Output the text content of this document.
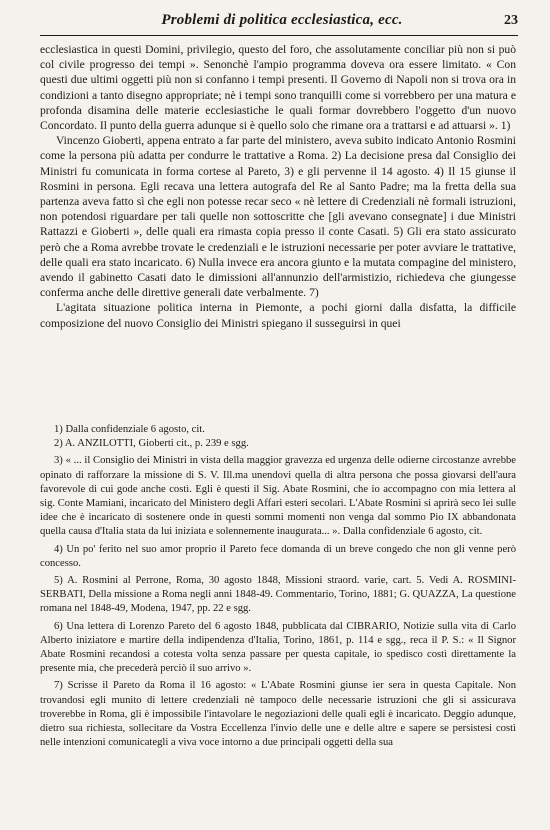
Problemi di politica ecclesiastica, ecc.	23

ecclesiastica in questi Domini, privilegio, questo del foro, che assolutamente conciliar più non si può col civile progresso dei tempi ». Senonchè l'ampio programma doveva ora essere limitato. « Con questi due ultimi oggetti più non si confanno i tempi presenti. Il Governo di Napoli non si trova ora in condizioni a tanto disegno appropriate; nè i tempi sono tranquilli come si vorrebbero per una matura e profonda disamina delle materie ecclesiastiche le quali formar dovrebbero l'oggetto d'un nuovo Concordato. Il punto della guerra adunque si è quello solo che rimane ora a trattarsi e ad attuarsi ». 1)

Vincenzo Gioberti, appena entrato a far parte del ministero, aveva subito indicato Antonio Rosmini come la persona più adatta per condurre le trattative a Roma. 2) La decisione presa dal Consiglio dei Ministri fu comunicata in forma cortese al Pareto, 3) e gli pervenne il 14 agosto. 4) Il 15 giunse il Rosmini in persona. Egli recava una lettera autografa del Re al Santo Padre; ma la fretta della sua partenza aveva fatto sì che egli non potesse recar seco « nè lettere di Credenziali nè formali istruzioni, non potendosi riguardare per tali quelle non sottoscritte che [gli avevano consegnate] i due Ministri Rattazzi e Gioberti », delle quali era rimasta copia presso il conte Casati. 5) Gli era stato assicurato però che a Roma avrebbe trovate le credenziali e le istruzioni necessarie per poter avviare le trattative, delle quali era stato incaricato. 6) Nulla invece era ancora giunto e la mutata compagine del ministero, avendo il gabinetto Casati dato le dimissioni all'annunzio dell'armistizio, richiedeva che giungesse conferma anche delle direttive generali date verbalmente. 7)

L'agitata situazione politica interna in Piemonte, a pochi giorni dalla disfatta, la difficile composizione del nuovo Consiglio dei Ministri spiegano il susseguirsi in quei

1) Dalla confidenziale 6 agosto, cit.

2) A. ANZILOTTI, Gioberti cit., p. 239 e sgg.

3) « ... il Consiglio dei Ministri in vista della maggior gravezza ed urgenza delle odierne circostanze avrebbe opinato di rafforzare la missione di S. V. Ill.ma unendovi quella di altra persona che possa giovarsi dell'aura favorevole di cui gode anche costì. Egli è questi il Sig. Abate Rosmini, che io accompagno con mia lettera al sig. Conte Mamiani, incaricato del Ministero degli Affari esteri secolari. L'Abate Rosmini si aprirà seco lei sulle idee che è incaricato di sostenere onde in questi sommi momenti non venga dal sommo Pio IX abbandonata quella causa d'Italia stata da lui iniziata e solennemente inaugurata... ». Dalla confidenziale 6 agosto, cit.

4) Un po' ferito nel suo amor proprio il Pareto fece domanda di un breve congedo che non gli venne però concesso.

5) A. Rosmini al Perrone, Roma, 30 agosto 1848, Missioni straord. varie, cart. 5. Vedi A. ROSMINI-SERBATI, Della missione a Roma negli anni 1848-49. Commentario, Torino, 1881; G. QUAZZA, La questione romana nel 1848-49, Modena, 1947, pp. 22 e sgg.

6) Una lettera di Lorenzo Pareto del 6 agosto 1848, pubblicata dal CIBRARIO, Notizie sulla vita di Carlo Alberto iniziatore e martire della indipendenza d'Italia, Torino, 1861, p. 114 e sgg., reca il P. S.: « Il Signor Abate Rosmini recandosi a cotesta volta senza passare per questa capitale, io spedisco costì direttamente la presente mia, che precederà perciò il suo arrivo ».

7) Scrisse il Pareto da Roma il 16 agosto: « L'Abate Rosmini giunse ier sera in questa Capitale. Non trovandosi egli munito di lettere credenziali nè tampoco delle necessarie istruzioni che gli si assicurava troverebbe in Roma, gli è impossibile l'intavolare le negoziazioni delle quali egli è incaricato. Deggio adunque, dietro sua richiesta, sollecitare da Vostra Eccellenza l'invio delle une e delle altre e sapere se persistesi costì nelle intenzioni comunicategli a viva voce intorno a due principali oggetti della sua
